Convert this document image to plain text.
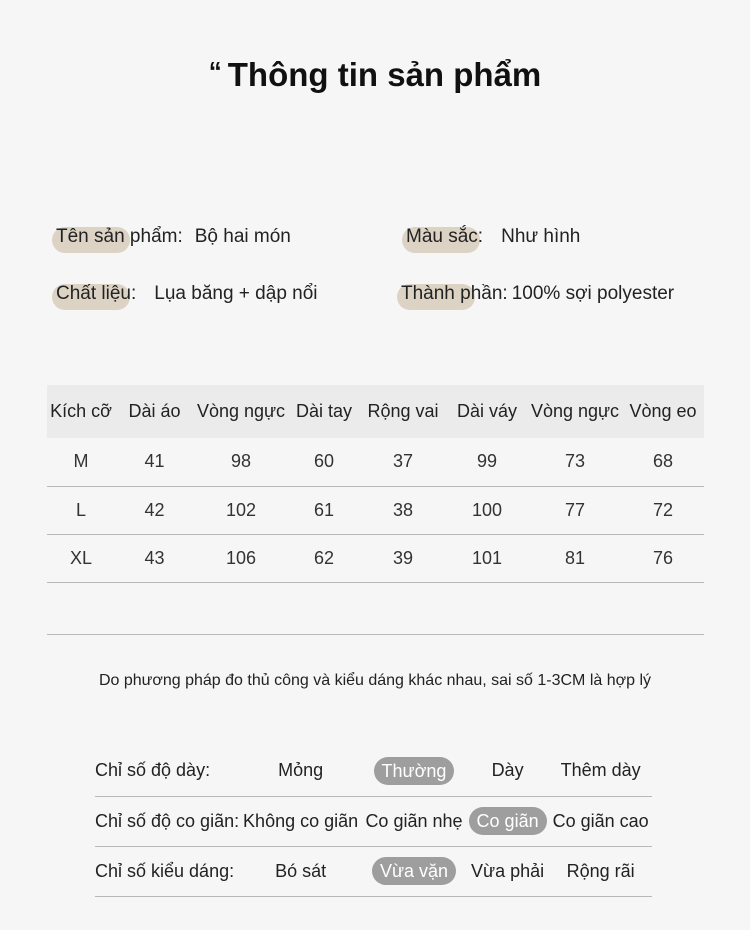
“ Thông tin sản phẩm
Tên sản phẩm: Bộ hai món	Màu sắc: Như hình
Chất liệu: Lụa băng + dập nổi	Thành phần: 100% sợi polyester
Kích cỡ	Dài áo	Vòng ngực	Dài tay	Rộng vai	Dài váy	Vòng ngực	Vòng eo
M	41	98	60	37	99	73	68
L	42	102	61	38	100	77	72
XL	43	106	62	39	101	81	76
Do phương pháp đo thủ công và kiểu dáng khác nhau, sai số 1-3CM là hợp lý
Chỉ số độ dày:	Mỏng	Thường	Dày	Thêm dày
Chỉ số độ co giãn:	Không co giãn	Co giãn nhẹ	Co giãn	Co giãn cao
Chỉ số kiểu dáng:	Bó sát	Vừa vặn	Vừa phải	Rộng rãi
